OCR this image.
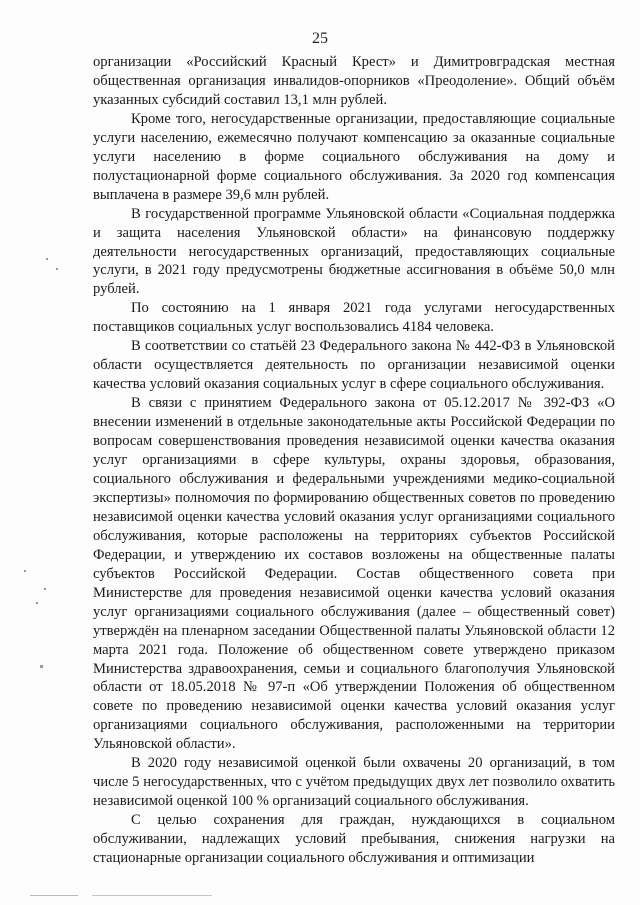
25

организации «Российский Красный Крест» и Димитровградская местная общественная организация инвалидов-опорников «Преодоление». Общий объём указанных субсидий составил 13,1 млн рублей.

Кроме того, негосударственные организации, предоставляющие социальные услуги населению, ежемесячно получают компенсацию за оказанные социальные услуги населению в форме социального обслуживания на дому и полустационарной форме социального обслуживания. За 2020 год компенсация выплачена в размере 39,6 млн рублей.

В государственной программе Ульяновской области «Социальная поддержка и защита населения Ульяновской области» на финансовую поддержку деятельности негосударственных организаций, предоставляющих социальные услуги, в 2021 году предусмотрены бюджетные ассигнования в объёме 50,0 млн рублей.

По состоянию на 1 января 2021 года услугами негосударственных поставщиков социальных услуг воспользовались 4184 человека.

В соответствии со статьёй 23 Федерального закона № 442-ФЗ в Ульяновской области осуществляется деятельность по организации независимой оценки качества условий оказания социальных услуг в сфере социального обслуживания.

В связи с принятием Федерального закона от 05.12.2017 № 392-ФЗ «О внесении изменений в отдельные законодательные акты Российской Федерации по вопросам совершенствования проведения независимой оценки качества оказания услуг организациями в сфере культуры, охраны здоровья, образования, социального обслуживания и федеральными учреждениями медико-социальной экспертизы» полномочия по формированию общественных советов по проведению независимой оценки качества условий оказания услуг организациями социального обслуживания, которые расположены на территориях субъектов Российской Федерации, и утверждению их составов возложены на общественные палаты субъектов Российской Федерации. Состав общественного совета при Министерстве для проведения независимой оценки качества условий оказания услуг организациями социального обслуживания (далее – общественный совет) утверждён на пленарном заседании Общественной палаты Ульяновской области 12 марта 2021 года. Положение об общественном совете утверждено приказом Министерства здравоохранения, семьи и социального благополучия Ульяновской области от 18.05.2018 № 97-п «Об утверждении Положения об общественном совете по проведению независимой оценки качества условий оказания услуг организациями социального обслуживания, расположенными на территории Ульяновской области».

В 2020 году независимой оценкой были охвачены 20 организаций, в том числе 5 негосударственных, что с учётом предыдущих двух лет позволило охватить независимой оценкой 100 % организаций социального обслуживания.

С целью сохранения для граждан, нуждающихся в социальном обслуживании, надлежащих условий пребывания, снижения нагрузки на стационарные организации социального обслуживания и оптимизации
